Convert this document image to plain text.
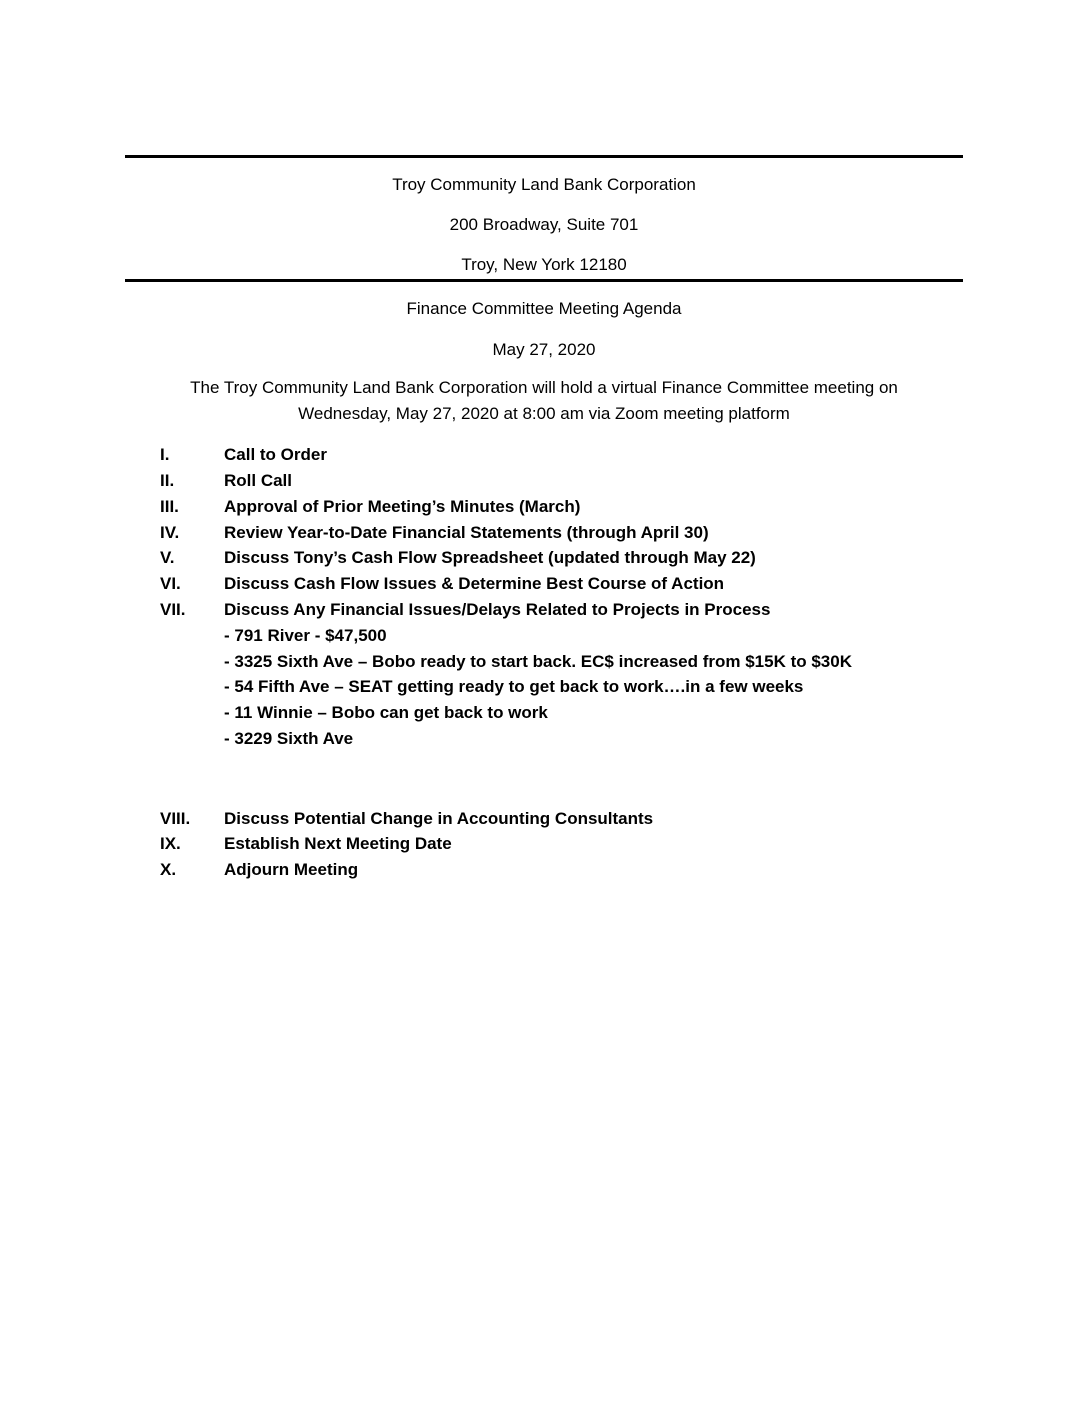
Troy Community Land Bank Corporation
200 Broadway, Suite 701
Troy, New York 12180
Finance Committee Meeting Agenda
May 27, 2020
The Troy Community Land Bank Corporation will hold a virtual Finance Committee meeting on
Wednesday, May 27, 2020 at 8:00 am via Zoom meeting platform
I.	Call to Order
II.	Roll Call
III.	Approval of Prior Meeting’s Minutes (March)
IV.	Review Year-to-Date Financial Statements (through April 30)
V.	Discuss Tony’s Cash Flow Spreadsheet (updated through May 22)
VI.	Discuss Cash Flow Issues & Determine Best Course of Action
VII. Discuss Any Financial Issues/Delays Related to Projects in Process
- 791 River - $47,500
- 3325 Sixth Ave – Bobo ready to start back. EC$ increased from $15K to $30K
- 54 Fifth Ave – SEAT getting ready to get back to work….in a few weeks
- 11 Winnie – Bobo can get back to work
- 3229 Sixth Ave
VIII. Discuss Potential Change in Accounting Consultants
IX.	Establish Next Meeting Date
X.	Adjourn Meeting
